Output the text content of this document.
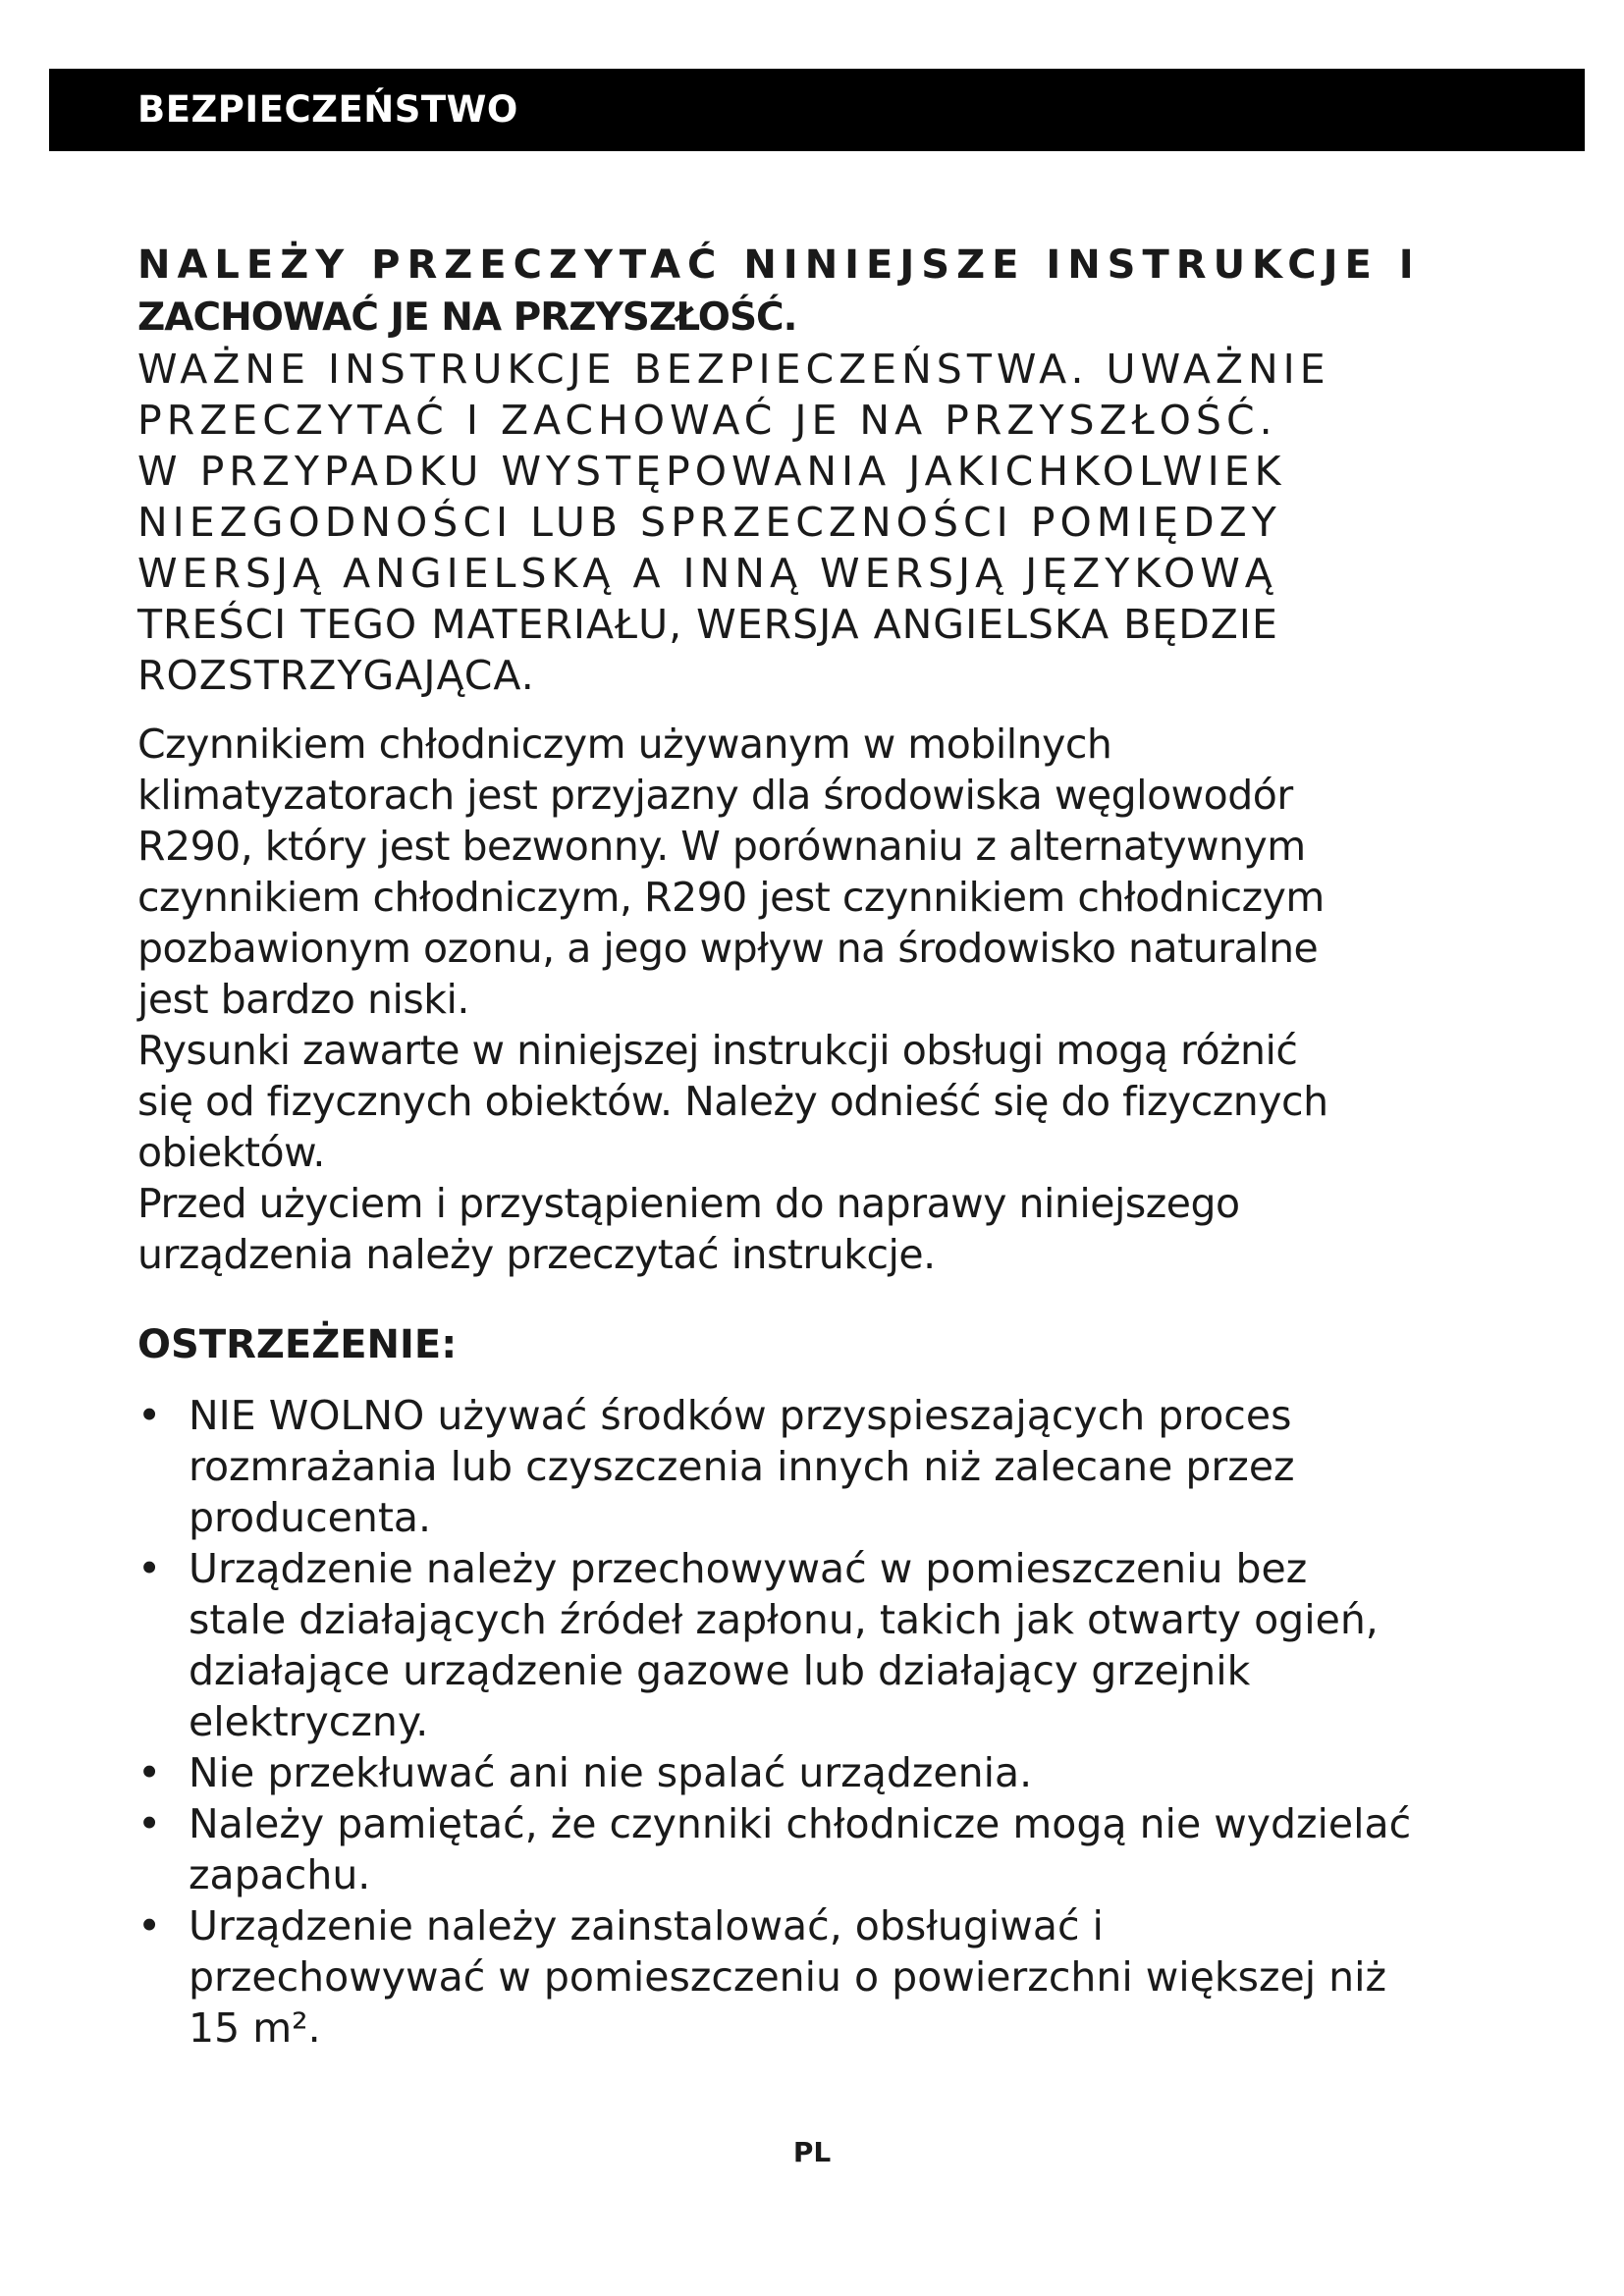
BEZPIECZEŃSTWO

NALEŻY PRZECZYTAĆ NINIEJSZE INSTRUKCJE I

ZACHOWAĆ JE NA PRZYSZŁOŚĆ.

WAŻNE INSTRUKCJE BEZPIECZEŃSTWA. UWAŻNIE
PRZECZYTAĆ I ZACHOWAĆ JE NA PRZYSZŁOŚĆ.
W PRZYPADKU WYSTĘPOWANIA JAKICHKOLWIEK
NIEZGODNOŚCI LUB SPRZECZNOŚCI POMIĘDZY
WERSJĄ ANGIELSKĄ A INNĄ WERSJĄ JĘZYKOWĄ
TREŚCI TEGO MATERIAŁU, WERSJA ANGIELSKA BĘDZIE
ROZSTRZYGAJĄCA.

Czynnikiem chłodniczym używanym w mobilnych
klimatyzatorach jest przyjazny dla środowiska węglowodór
R290, który jest bezwonny. W porównaniu z alternatywnym
czynnikiem chłodniczym, R290 jest czynnikiem chłodniczym
pozbawionym ozonu, a jego wpływ na środowisko naturalne
jest bardzo niski.

Rysunki zawarte w niniejszej instrukcji obsługi mogą różnić
się od fizycznych obiektów. Należy odnieść się do fizycznych
obiektów.

Przed użyciem i przystąpieniem do naprawy niniejszego
urządzenia należy przeczytać instrukcje.

OSTRZEŻENIE:

• NIE WOLNO używać środków przyspieszających proces
rozmrażania lub czyszczenia innych niż zalecane przez
producenta.
• Urządzenie należy przechowywać w pomieszczeniu bez
stale działających źródeł zapłonu, takich jak otwarty ogień,
działające urządzenie gazowe lub działający grzejnik
elektryczny.
• Nie przekłuwać ani nie spalać urządzenia.
• Należy pamiętać, że czynniki chłodnicze mogą nie wydzielać
zapachu.
• Urządzenie należy zainstalować, obsługiwać i
przechowywać w pomieszczeniu o powierzchni większej niż
15 m².
PL
